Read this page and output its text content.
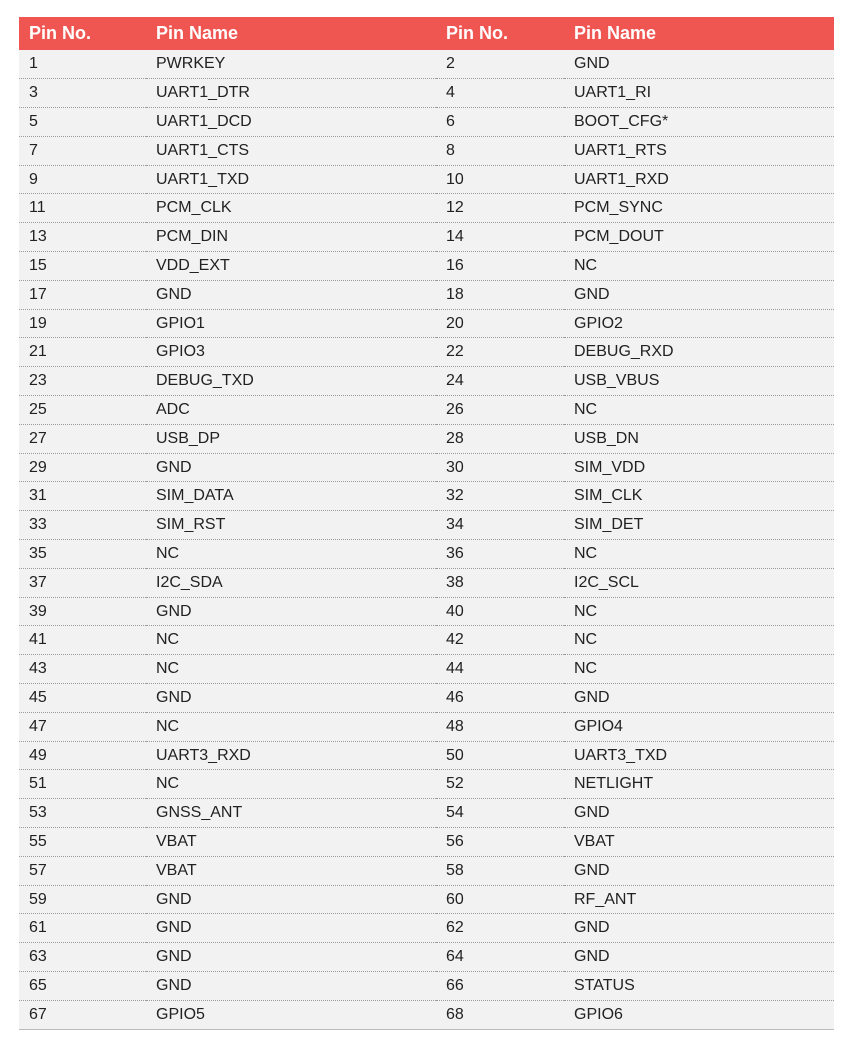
Pin No.	Pin Name	Pin No.	Pin Name
1	PWRKEY	2	GND
3	UART1_DTR	4	UART1_RI
5	UART1_DCD	6	BOOT_CFG*
7	UART1_CTS	8	UART1_RTS
9	UART1_TXD	10	UART1_RXD
11	PCM_CLK	12	PCM_SYNC
13	PCM_DIN	14	PCM_DOUT
15	VDD_EXT	16	NC
17	GND	18	GND
19	GPIO1	20	GPIO2
21	GPIO3	22	DEBUG_RXD
23	DEBUG_TXD	24	USB_VBUS
25	ADC	26	NC
27	USB_DP	28	USB_DN
29	GND	30	SIM_VDD
31	SIM_DATA	32	SIM_CLK
33	SIM_RST	34	SIM_DET
35	NC	36	NC
37	I2C_SDA	38	I2C_SCL
39	GND	40	NC
41	NC	42	NC
43	NC	44	NC
45	GND	46	GND
47	NC	48	GPIO4
49	UART3_RXD	50	UART3_TXD
51	NC	52	NETLIGHT
53	GNSS_ANT	54	GND
55	VBAT	56	VBAT
57	VBAT	58	GND
59	GND	60	RF_ANT
61	GND	62	GND
63	GND	64	GND
65	GND	66	STATUS
67	GPIO5	68	GPIO6
